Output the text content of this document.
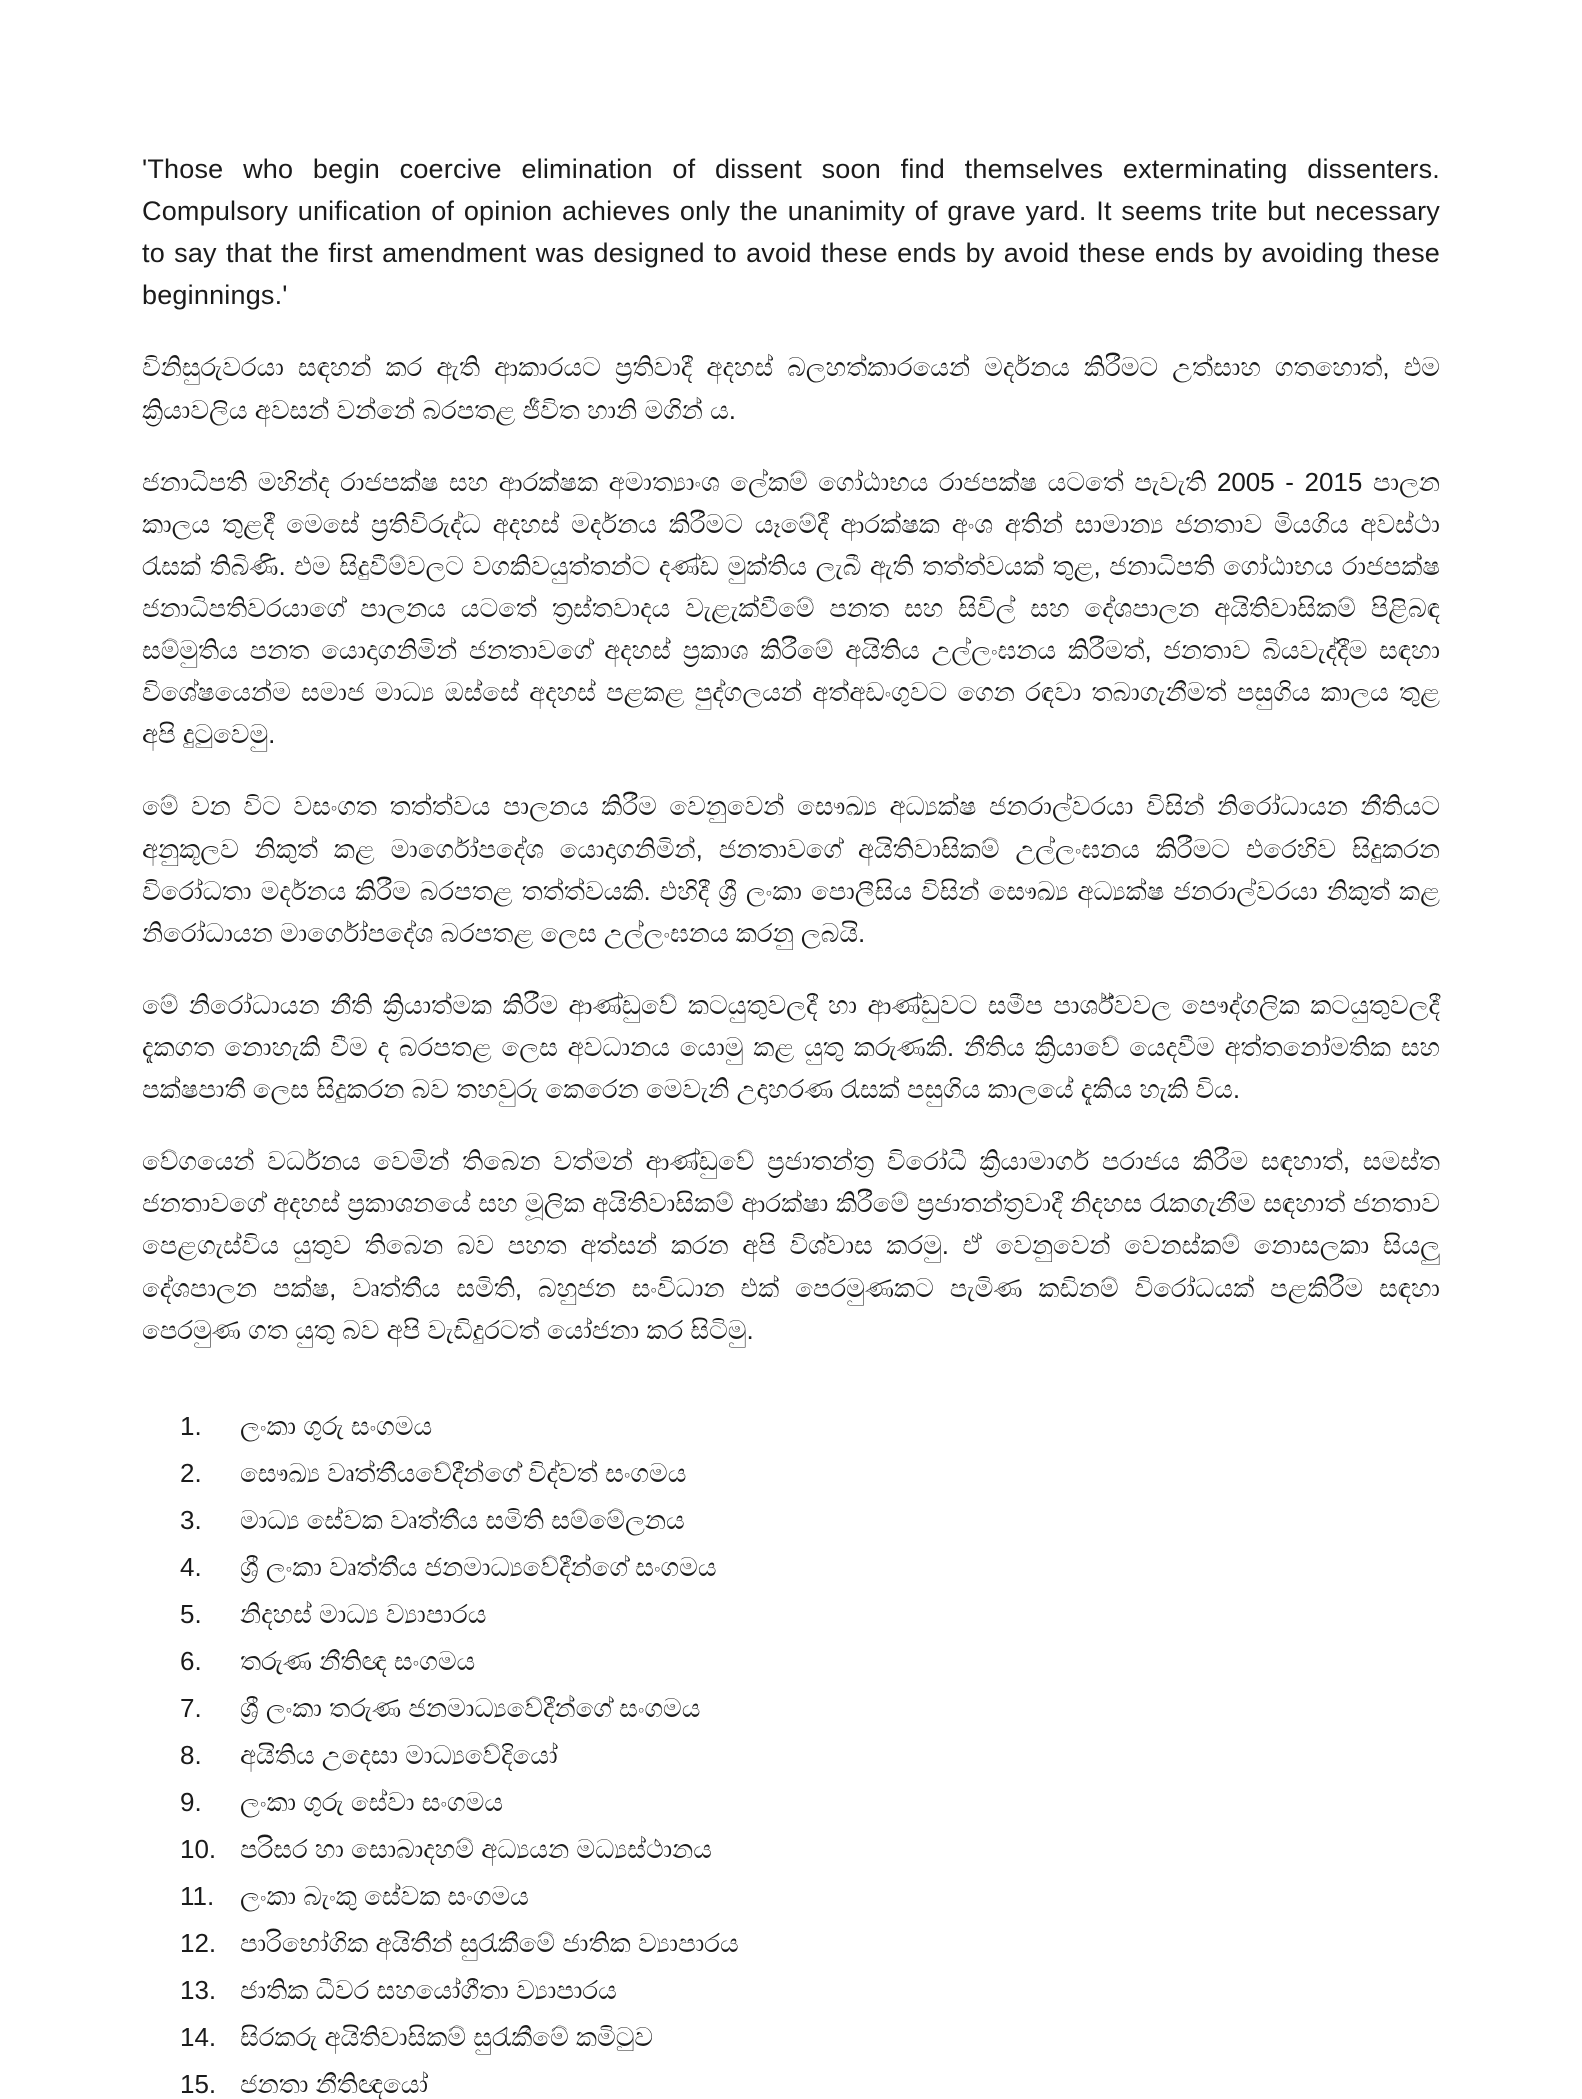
'Those who begin coercive elimination of dissent soon find themselves exterminating dissenters. Compulsory unification of opinion achieves only the unanimity of grave yard. It seems trite but necessary to say that the first amendment was designed to avoid these ends by avoid these ends by avoiding these beginnings.'

විනිසුරුවරයා සඳහන් කර ඇති ආකාරයට ප්‍රතිවාදී අදහස් බලහත්කාරයෙන් මර්දනය කිරීමට උත්සාහ ගතහොත්, එම ක්‍රියාවලිය අවසන් වන්නේ බරපතළ ජීවිත හානි මගින් ය.

ජනාධිපති මහින්ද රාජපක්ෂ සහ ආරක්ෂක අමාත්‍යාංශ ලේකම් ගෝඨාභය රාජපක්ෂ යටතේ පැවැති 2005 - 2015 පාලන කාලය තුළදී මෙසේ ප්‍රතිවිරුද්ධ අදහස් මර්දනය කිරීමට යෑමේදී ආරක්ෂක අංශ අතින් සාමාන්‍ය ජනතාව මියගිය අවස්ථා රැසක් තිබිණි. එම සිදුවීම්වලට වගකිවයුත්තන්ට දණ්ඩ මුක්තිය ලැබී ඇති තත්ත්වයක් තුළ, ජනාධිපති ගෝඨාභය රාජපක්ෂ ජනාධිපතිවරයාගේ පාලනය යටතේ ත්‍රස්තවාදය වැළැක්වීමේ පනත සහ සිවිල් සහ දේශපාලන අයිතිවාසිකම් පිළිබඳ සම්මුතිය පනත යොදාගනිමින් ජනතාවගේ අදහස් ප්‍රකාශ කිරීමේ අයිතිය උල්ලංඝනය කිරීමත්, ජනතාව බියවැද්දීම සඳහා විශේෂයෙන්ම සමාජ මාධ්‍ය ඔස්සේ අදහස් පළකළ පුද්ගලයන් අත්අඩංගුවට ගෙන රඳවා තබාගැනීමත් පසුගිය කාලය තුළ අපි දුටුවෙමු.

මේ වන විට වසංගත තත්ත්වය පාලනය කිරීම වෙනුවෙන් සෞඛ්‍ය අධ්‍යක්ෂ ජනරාල්වරයා විසින් නිරෝධායන නීතියට අනුකූලව නිකුත් කළ මාර්ගෝපදේශ යොදාගනිමින්, ජනතාවගේ අයිතිවාසිකම් උල්ලංඝනය කිරීමට එරෙහිව සිදුකරන විරෝධතා මර්දනය කිරීම බරපතළ තත්ත්වයකි. එහිදී ශ්‍රී ලංකා පොලීසිය විසින් සෞඛ්‍ය අධ්‍යක්ෂ ජනරාල්වරයා නිකුත් කළ නිරෝධායන මාර්ගෝපදේශ බරපතළ ලෙස උල්ලංඝනය කරනු ලබයි.

මේ නිරෝධායන නීති ක්‍රියාත්මක කිරීම ආණ්ඩුවේ කටයුතුවලදී හා ආණ්ඩුවට සමීප පාර්ශ්වවල පෞද්ගලික කටයුතුවලදී දැකගත නොහැකි වීම ද බරපතළ ලෙස අවධානය යොමු කළ යුතු කරුණකි. නීතිය ක්‍රියාවේ යෙදවීම අත්තනෝමතික සහ පක්ෂපාතී ලෙස සිදුකරන බව තහවුරු කෙරෙන මෙවැනි උදාහරණ රැසක් පසුගිය කාලයේ දැකිය හැකි විය.

වේගයෙන් වර්ධනය වෙමින් තිබෙන වත්මන් ආණ්ඩුවේ ප්‍රජාතන්ත්‍ර විරෝධී ක්‍රියාමාර්ග පරාජය කිරීම සඳහාත්, සමස්ත ජනතාවගේ අදහස් ප්‍රකාශනයේ සහ මූලික අයිතිවාසිකම් ආරක්ෂා කිරීමේ ප්‍රජාතන්ත්‍රවාදී නිදහස රැකගැනීම සඳහාත් ජනතාව පෙළගැස්විය යුතුව තිබෙන බව පහත අත්සන් කරන අපි විශ්වාස කරමු. ඒ වෙනුවෙන් වෙනස්කම් නොසලකා සියලු දේශපාලන පක්ෂ, වෘත්තීය සමිති, බහුජන සංවිධාන එක් පෙරමුණකට පැමිණ කඩිනම් විරෝධයක් පළකිරීම සඳහා පෙරමුණ ගත යුතු බව අපි වැඩිදුරටත් යෝජනා කර සිටිමු.

1.	ලංකා ගුරු සංගමය
2.	සෞඛ්‍ය වෘත්තීයවේදීන්ගේ විද්වත් සංගමය
3.	මාධ්‍ය සේවක වෘත්තීය සමිති සම්මේලනය
4.	ශ්‍රී ලංකා වෘත්තීය ජනමාධ්‍යවේදීන්ගේ සංගමය
5.	නිදහස් මාධ්‍ය ව්‍යාපාරය
6.	තරුණ නීතිඥ සංගමය
7.	ශ්‍රී ලංකා තරුණ ජනමාධ්‍යවේදීන්ගේ සංගමය
8.	අයිතිය උදෙසා මාධ්‍යවේදියෝ
9.	ලංකා ගුරු සේවා සංගමය
10. පරිසර හා සොබාදහම් අධ්‍යයන මධ්‍යස්ථානය
11. ලංකා බැංකු සේවක සංගමය
12. පාරිභෝගික අයිතීන් සුරැකීමේ ජාතික ව්‍යාපාරය
13. ජාතික ධීවර සහයෝගීතා ව්‍යාපාරය
14. සිරකරු අයිතිවාසිකම් සුරැකීමේ කමිටුව
15. ජනතා නීතිඥයෝ
